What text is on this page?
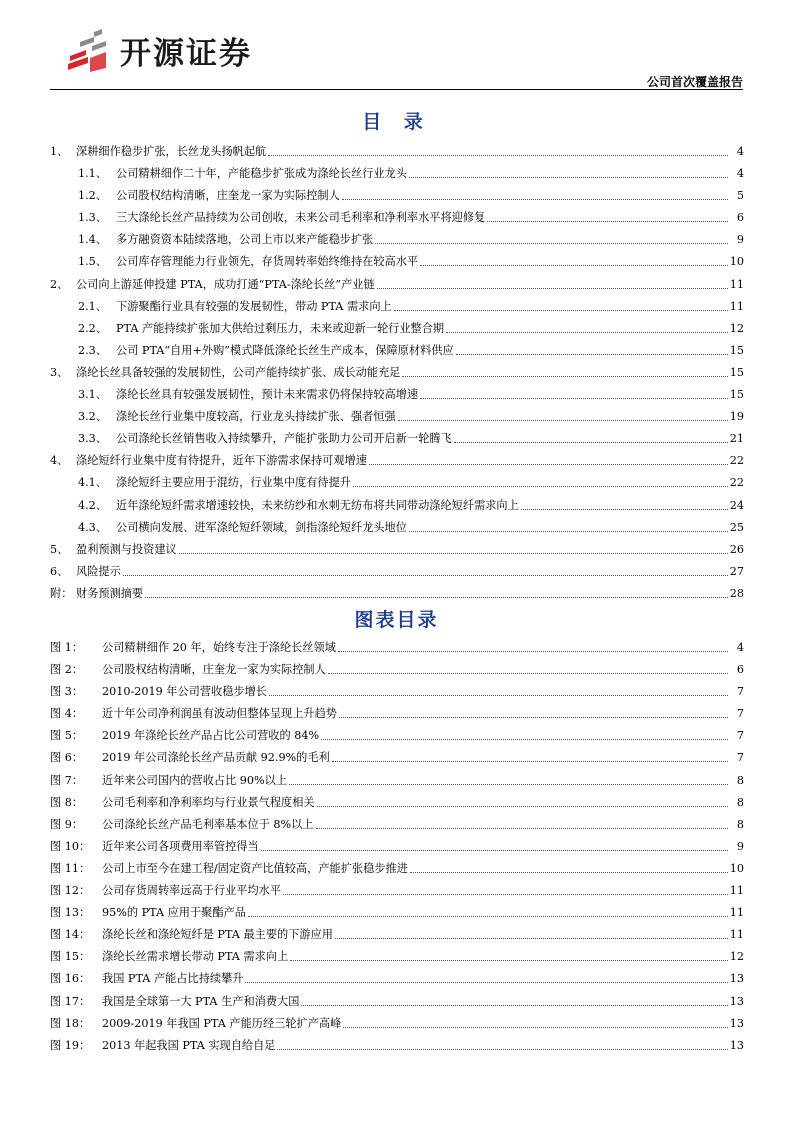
开源证券
公司首次覆盖报告
目 录
1、 深耕细作稳步扩张，长丝龙头扬帆起航	4
1.1、 公司精耕细作二十年，产能稳步扩张成为涤纶长丝行业龙头	4
1.2、 公司股权结构清晰，庄奎龙一家为实际控制人	5
1.3、 三大涤纶长丝产品持续为公司创收，未来公司毛利率和净利率水平将迎修复	6
1.4、 多方融资资本陆续落地，公司上市以来产能稳步扩张	9
1.5、 公司库存管理能力行业领先，存货周转率始终维持在较高水平	10
2、 公司向上游延伸投建 PTA，成功打通“PTA-涤纶长丝”产业链	11
2.1、 下游聚酯行业具有较强的发展韧性，带动 PTA 需求向上	11
2.2、 PTA 产能持续扩张加大供给过剩压力，未来或迎新一轮行业整合期	12
2.3、 公司 PTA“自用+外购”模式降低涤纶长丝生产成本，保障原材料供应	15
3、 涤纶长丝具备较强的发展韧性，公司产能持续扩张、成长动能充足	15
3.1、 涤纶长丝具有较强发展韧性，预计未来需求仍将保持较高增速	15
3.2、 涤纶长丝行业集中度较高，行业龙头持续扩张、强者恒强	19
3.3、 公司涤纶长丝销售收入持续攀升，产能扩张助力公司开启新一轮腾飞	21
4、 涤纶短纤行业集中度有待提升，近年下游需求保持可观增速	22
4.1、 涤纶短纤主要应用于混纺，行业集中度有待提升	22
4.2、 近年涤纶短纤需求增速较快，未来纺纱和水刺无纺布将共同带动涤纶短纤需求向上	24
4.3、 公司横向发展、进军涤纶短纤领域，剑指涤纶短纤龙头地位	25
5、 盈利预测与投资建议	26
6、 风险提示	27
附： 财务预测摘要	28
图表目录
图 1： 公司精耕细作 20 年，始终专注于涤纶长丝领域	4
图 2： 公司股权结构清晰，庄奎龙一家为实际控制人	6
图 3： 2010-2019 年公司营收稳步增长	7
图 4： 近十年公司净利润虽有波动但整体呈现上升趋势	7
图 5： 2019 年涤纶长丝产品占比公司营收的 84%	7
图 6： 2019 年公司涤纶长丝产品贡献 92.9%的毛利	7
图 7： 近年来公司国内的营收占比 90%以上	8
图 8： 公司毛利率和净利率均与行业景气程度相关	8
图 9： 公司涤纶长丝产品毛利率基本位于 8%以上	8
图 10： 近年来公司各项费用率管控得当	9
图 11： 公司上市至今在建工程/固定资产比值较高，产能扩张稳步推进	10
图 12： 公司存货周转率远高于行业平均水平	11
图 13： 95%的 PTA 应用于聚酯产品	11
图 14： 涤纶长丝和涤纶短纤是 PTA 最主要的下游应用	11
图 15： 涤纶长丝需求增长带动 PTA 需求向上	12
图 16： 我国 PTA 产能占比持续攀升	13
图 17： 我国是全球第一大 PTA 生产和消费大国	13
图 18： 2009-2019 年我国 PTA 产能历经三轮扩产高峰	13
图 19： 2013 年起我国 PTA 实现自给自足	13
